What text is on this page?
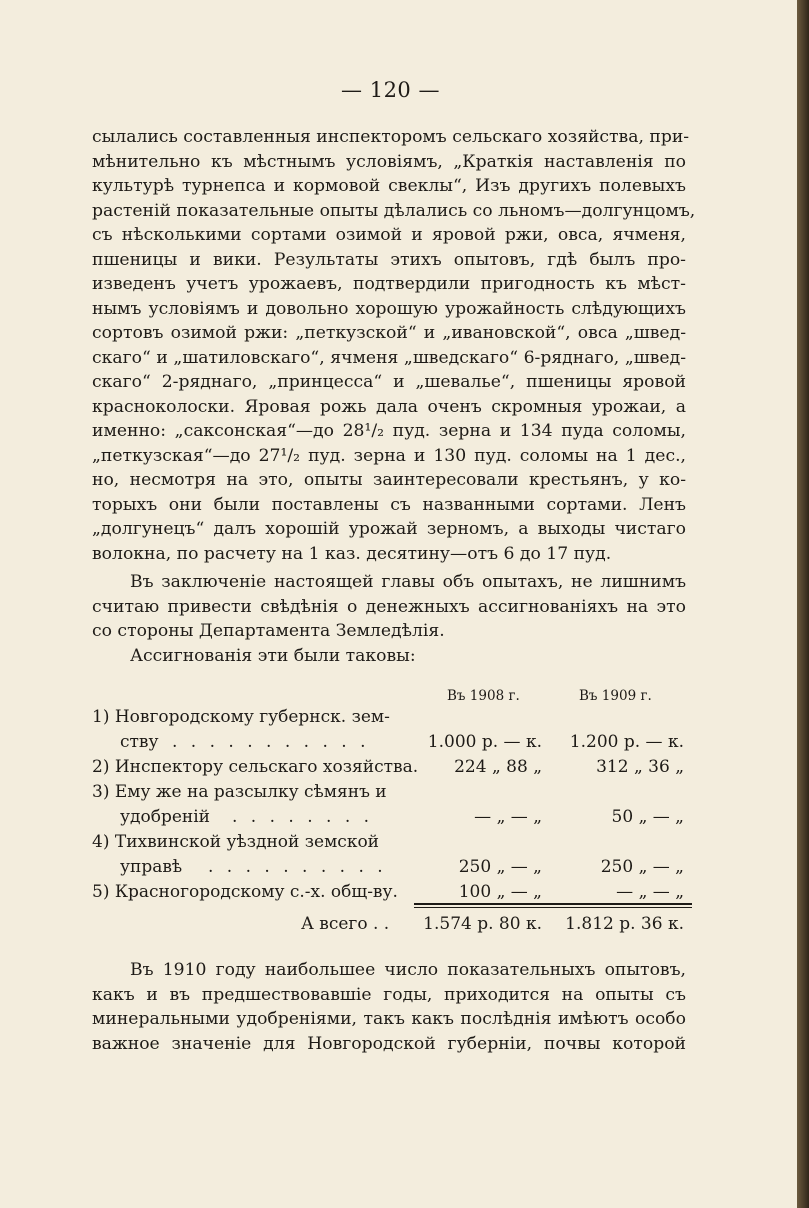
— 120 —
сылались составленныя инспекторомъ сельскаго хозяйства, при-
мѣнительно къ мѣстнымъ условіямъ, „Краткія наставленія по
культурѣ турнепса и кормовой свеклы“, Изъ другихъ полевыхъ
растеній показательные опыты дѣлались со льномъ—долгунцомъ,
съ нѣсколькими сортами озимой и яровой ржи, овса, ячменя,
пшеницы и вики. Результаты этихъ опытовъ, гдѣ былъ про-
изведенъ учетъ урожаевъ, подтвердили пригодность къ мѣст-
нымъ условіямъ и довольно хорошую урожайность слѣдующихъ
сортовъ озимой ржи: „петкузской“ и „ивановской“, овса „швед-
скаго“ и „шатиловскаго“, ячменя „шведскаго“ 6-ряднаго, „швед-
скаго“ 2-ряднаго, „принцесса“ и „шевалье“, пшеницы яровой
красноколоски. Яровая рожь дала оченъ скромныя урожаи, а
именно: „саксонская“—до 28¹/₂ пуд. зерна и 134 пуда соломы,
„петкузская“—до 27¹/₂ пуд. зерна и 130 пуд. соломы на 1 дес.,
но, несмотря на это, опыты заинтересовали крестьянъ, у ко-
торыхъ они были поставлены съ названными сортами. Ленъ
„долгунецъ“ далъ хорошій урожай зерномъ, а выходы чистаго
волокна, по расчету на 1 каз. десятину—отъ 6 до 17 пуд.
Въ заключеніе настоящей главы объ опытахъ, не лишнимъ
считаю привести свѣдѣнія о денежныхъ ассигнованіяхъ на это
со стороны Департамента Земледѣлія.
Ассигнованія эти были таковы:
Въ 1908 г.	Въ 1909 г.
1) Новгородскому губернск. зем-
ству . . . . . . . . . . .	1.000 р. — к.	1.200 р. — к.
2) Инспектору сельскаго хозяйства.	224 „ 88 „	312 „ 36 „
3) Ему же на разсылку сѣмянъ и
удобреній . . . . . . . .	— „ — „	50 „ — „
4) Тихвинской уѣздной земской
управѣ . . . . . . . . . .	250 „ — „	250 „ — „
5) Красногородскому с.-х. общ-ву.	100 „ — „	— „ — „
А всего . . 1.574 р. 80 к. 1.812 р. 36 к.
Въ 1910 году наибольшее число показательныхъ опытовъ,
какъ и въ предшествовавшіе годы, приходится на опыты съ
минеральными удобреніями, такъ какъ послѣднія имѣютъ особо
важное значеніе для Новгородской губерніи, почвы которой
